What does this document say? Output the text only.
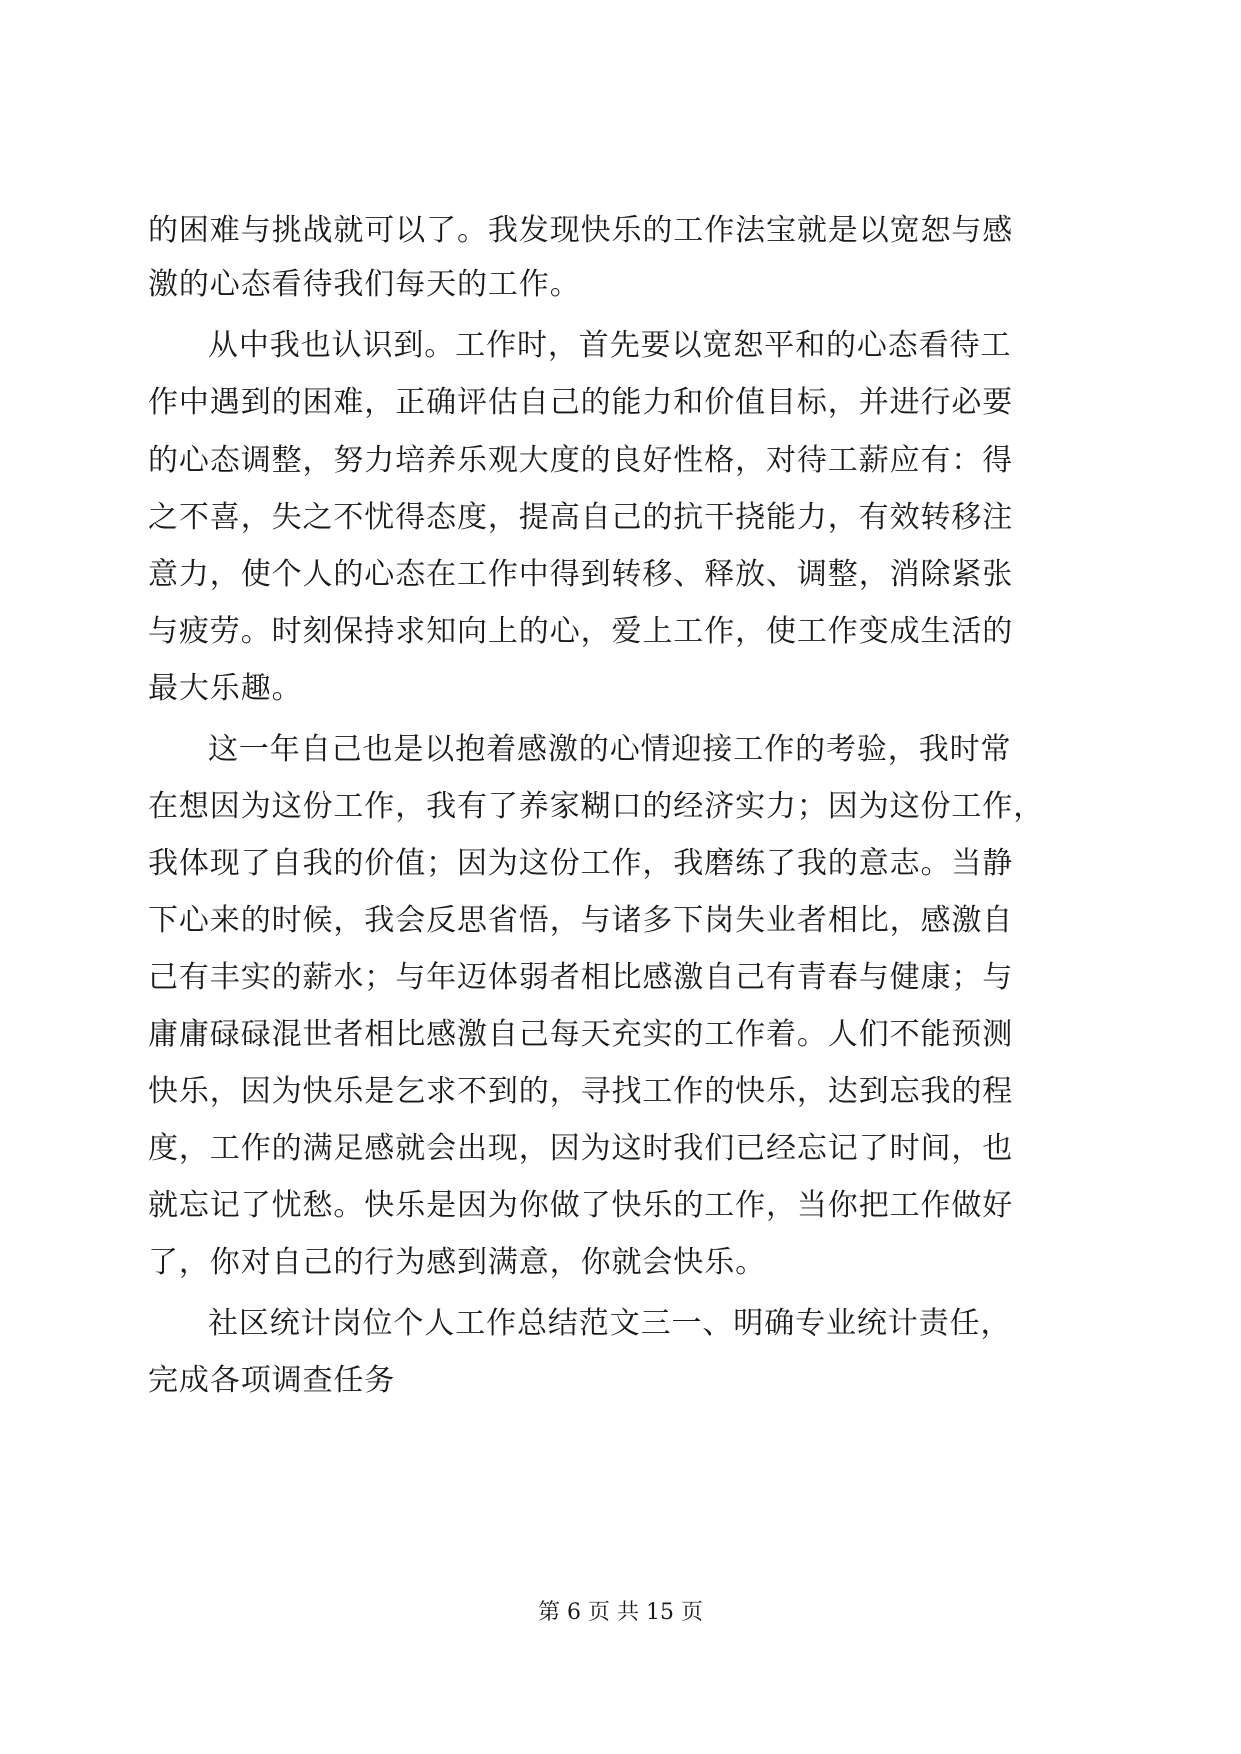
的困难与挑战就可以了。我发现快乐的工作法宝就是以宽恕与感

激的心态看待我们每天的工作。

从中我也认识到。工作时，首先要以宽恕平和的心态看待工

作中遇到的困难，正确评估自己的能力和价值目标，并进行必要

的心态调整，努力培养乐观大度的良好性格，对待工薪应有：得

之不喜，失之不忧得态度，提高自己的抗干挠能力，有效转移注

意力，使个人的心态在工作中得到转移、释放、调整，消除紧张

与疲劳。时刻保持求知向上的心，爱上工作，使工作变成生活的

最大乐趣。

这一年自己也是以抱着感激的心情迎接工作的考验，我时常

在想因为这份工作，我有了养家糊口的经济实力；因为这份工作，

我体现了自我的价值；因为这份工作，我磨练了我的意志。当静

下心来的时候，我会反思省悟，与诸多下岗失业者相比，感激自

己有丰实的薪水；与年迈体弱者相比感激自己有青春与健康；与

庸庸碌碌混世者相比感激自己每天充实的工作着。人们不能预测

快乐，因为快乐是乞求不到的，寻找工作的快乐，达到忘我的程

度，工作的满足感就会出现，因为这时我们已经忘记了时间，也

就忘记了忧愁。快乐是因为你做了快乐的工作，当你把工作做好

了，你对自己的行为感到满意，你就会快乐。

社区统计岗位个人工作总结范文三一、明确专业统计责任，

完成各项调查任务

第 6 页 共 15 页
